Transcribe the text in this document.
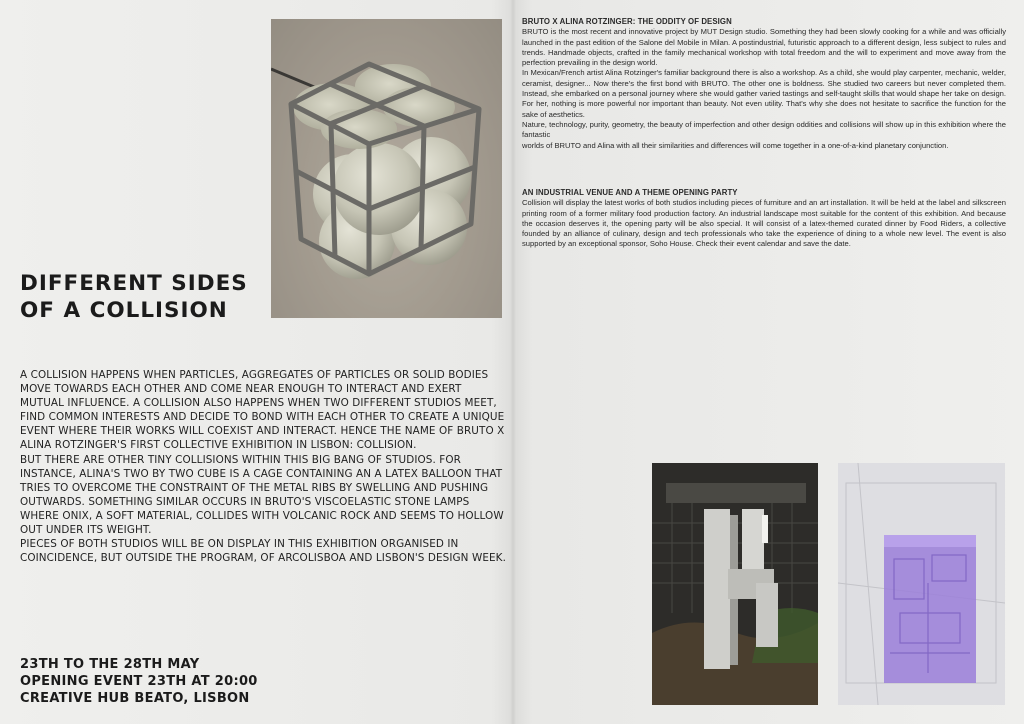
DIFFERENT SIDES OF A COLLISION

A COLLISION HAPPENS WHEN PARTICLES, AGGREGATES OF PARTICLES OR SOLID BODIES MOVE TOWARDS EACH OTHER AND COME NEAR ENOUGH TO INTERACT AND EXERT MUTUAL INFLUENCE. A COLLISION ALSO HAPPENS WHEN TWO DIFFERENT STUDIOS MEET, FIND COMMON INTERESTS AND DECIDE TO BOND WITH EACH OTHER TO CREATE A UNIQUE EVENT WHERE THEIR WORKS WILL COEXIST AND INTERACT. HENCE THE NAME OF BRUTO X ALINA ROTZINGER'S FIRST COLLECTIVE EXHIBITION IN LISBON: COLLISION.

BUT THERE ARE OTHER TINY COLLISIONS WITHIN THIS BIG BANG OF STUDIOS. FOR INSTANCE, ALINA'S TWO BY TWO CUBE IS A CAGE CONTAINING AN A LATEX BALLOON THAT TRIES TO OVERCOME THE CONSTRAINT OF THE METAL RIBS BY SWELLING AND PUSHING OUTWARDS. SOMETHING SIMILAR OCCURS IN BRUTO'S VISCOELASTIC STONE LAMPS WHERE ONIX, A SOFT MATERIAL, COLLIDES WITH VOLCANIC ROCK AND SEEMS TO HOLLOW OUT UNDER ITS WEIGHT.

PIECES OF BOTH STUDIOS WILL BE ON DISPLAY IN THIS EXHIBITION ORGANISED IN COINCIDENCE, BUT OUTSIDE THE PROGRAM, OF ARCOLISBOA AND LISBON'S DESIGN WEEK.

23TH TO THE 28TH MAY
OPENING EVENT 23TH AT 20:00
CREATIVE HUB BEATO, LISBON
BRUTO X ALINA ROTZINGER: THE ODDITY OF DESIGN

BRUTO is the most recent and innovative project by MUT Design studio. Something they had been slowly cooking for a while and was officially launched in the past edition of the Salone del Mobile in Milan. A postindustrial, futuristic approach to a different design, less subject to rules and trends. Handmade objects, crafted in the family mechanical workshop with total freedom and the will to experiment and move away from the perfection prevailing in the design world.

In Mexican/French artist Alina Rotzinger's familiar background there is also a workshop. As a child, she would play carpenter, mechanic, welder, ceramist, designer... Now there's the first bond with BRUTO. The other one is boldness. She studied two careers but never completed them. Instead, she embarked on a personal journey where she would gather varied tastings and self-taught skills that would shape her take on design. For her, nothing is more powerful nor important than beauty. Not even utility. That's why she does not hesitate to sacrifice the function for the sake of aesthetics.

Nature, technology, purity, geometry, the beauty of imperfection and other design oddities and collisions will show up in this exhibition where the fantastic

worlds of BRUTO and Alina with all their similarities and differences will come together in a one-of-a-kind planetary conjunction.

AN INDUSTRIAL VENUE AND A THEME OPENING PARTY

Collision will display the latest works of both studios including pieces of furniture and an art installation. It will be held at the label and silkscreen printing room of a former military food production factory. An industrial landscape most suitable for the content of this exhibition. And because the occasion deserves it, the opening party will be also special. It will consist of a latex-themed curated dinner by Food Riders, a collective founded by an alliance of culinary, design and tech professionals who take the experience of dining to a whole new level. The event is also supported by an exceptional sponsor, Soho House. Check their event calendar and save the date.
